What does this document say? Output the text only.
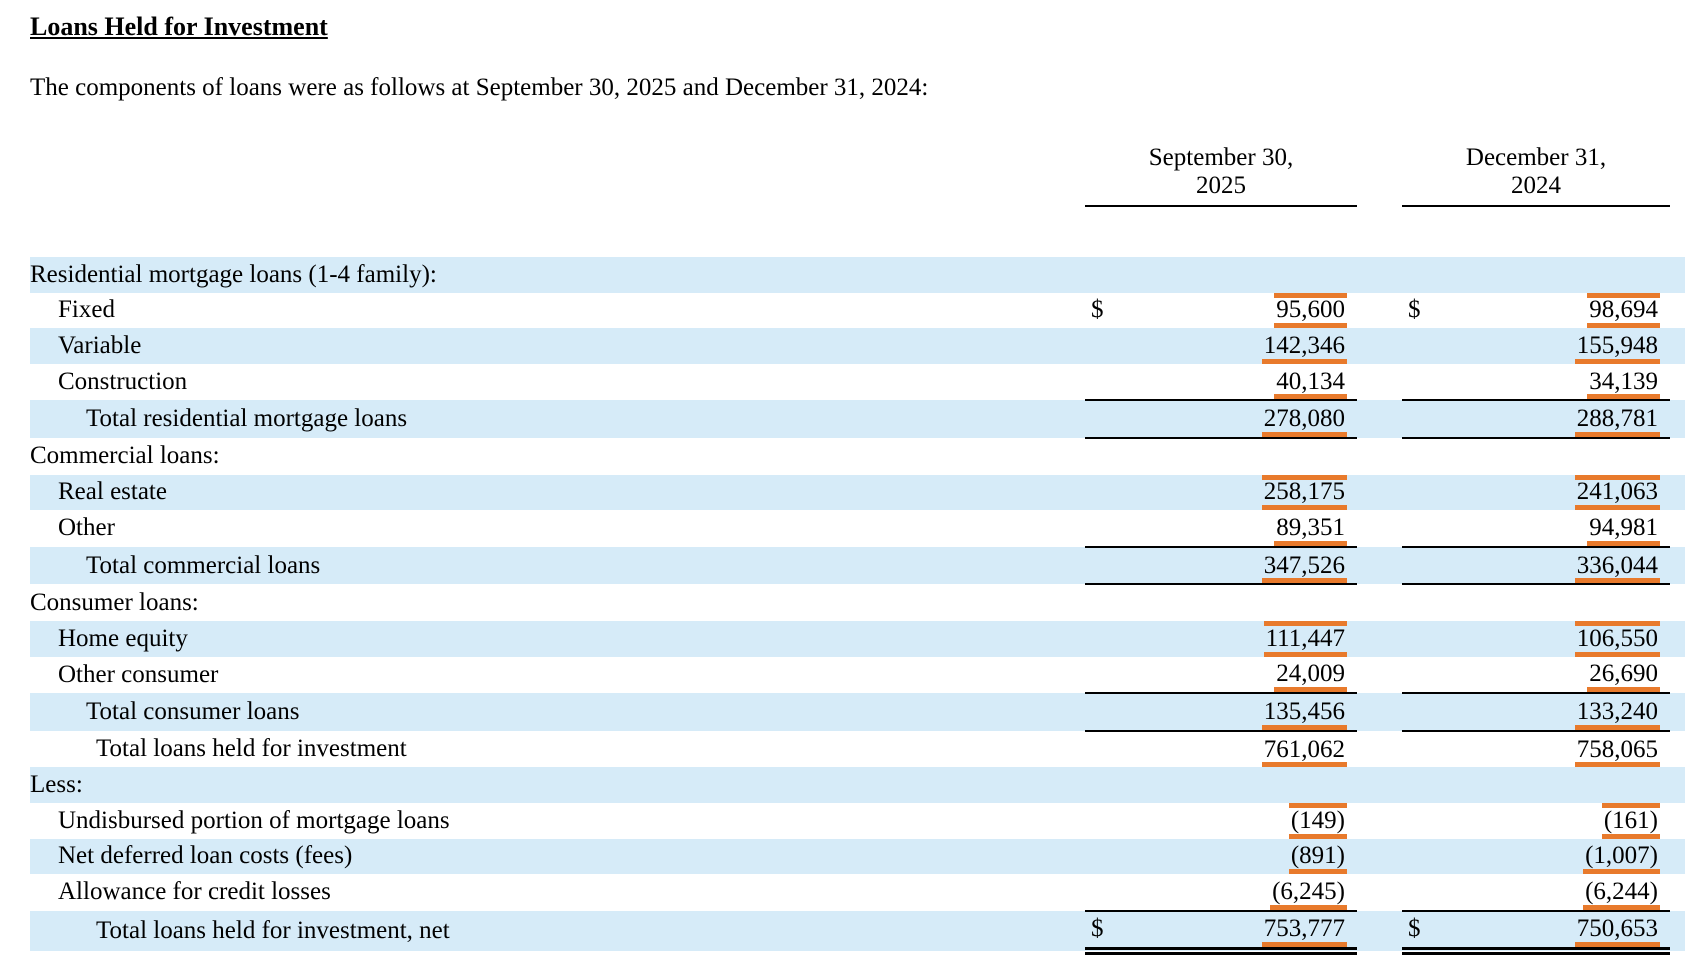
Loans Held for Investment
The components of loans were as follows at September 30, 2025 and December 31, 2024:
	September 30,
2025		December 31,
2024	

Residential mortgage loans (1-4 family):	

Fixed	$ 95,600		$ 98,694	

Variable	142,346		155,948	

Construction	40,134		34,139	

Total residential mortgage loans	278,080		288,781	

Commercial loans:	

Real estate	258,175		241,063	

Other	89,351		94,981	

Total commercial loans	347,526		336,044	

Consumer loans:	

Home equity	111,447		106,550	

Other consumer	24,009		26,690	

Total consumer loans	135,456		133,240	

Total loans held for investment	761,062		758,065	

Less:	

Undisbursed portion of mortgage loans	(149)		(161)	

Net deferred loan costs (fees)	(891)		(1,007)	

Allowance for credit losses	(6,245)		(6,244)	

Total loans held for investment, net	$ 753,777		$ 750,653	
